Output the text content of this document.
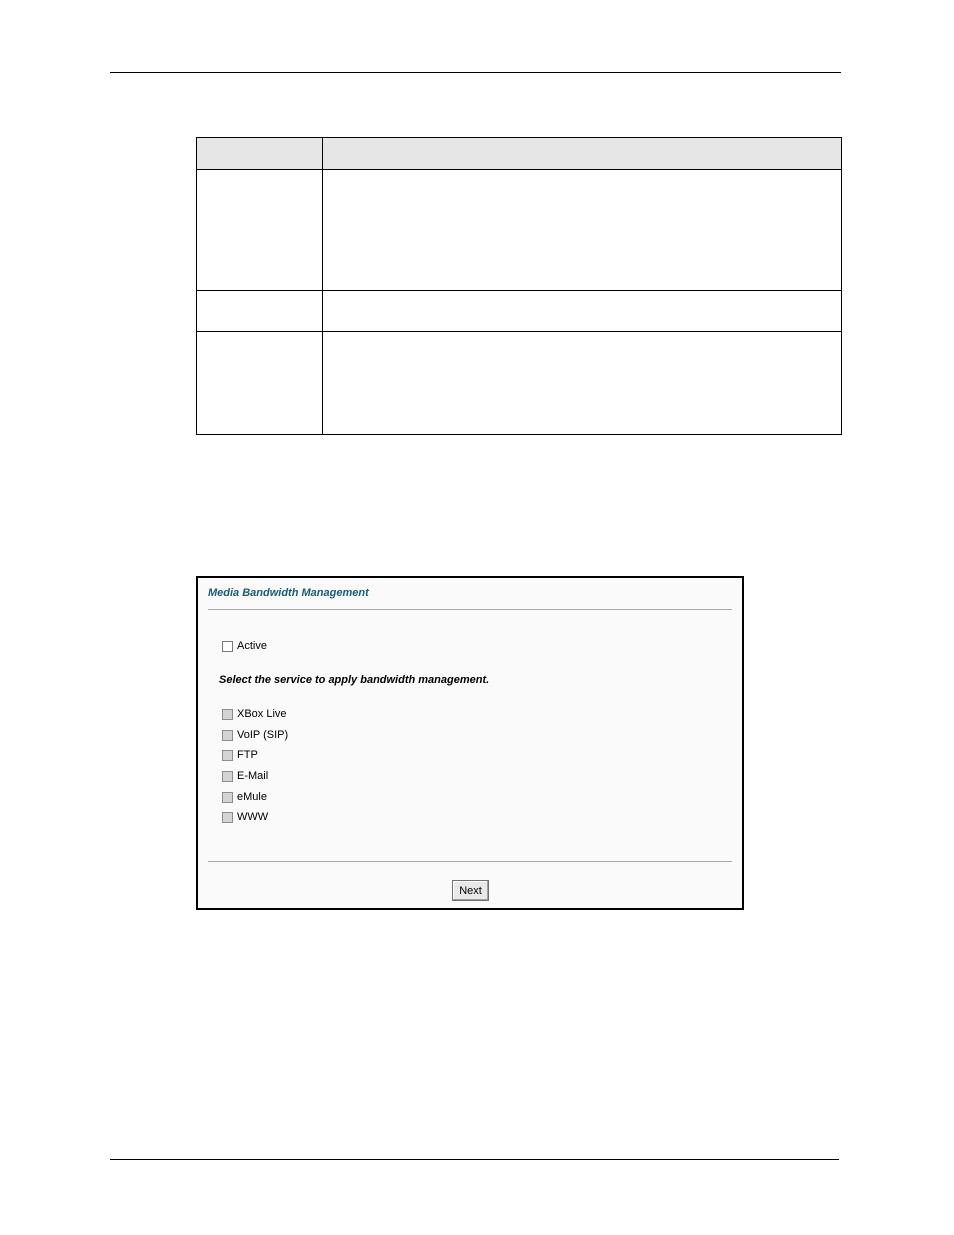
Media Bandwidth Management
Active
Select the service to apply bandwidth management.
XBox Live
VoIP (SIP)
FTP
E-Mail
eMule
WWW
Next
